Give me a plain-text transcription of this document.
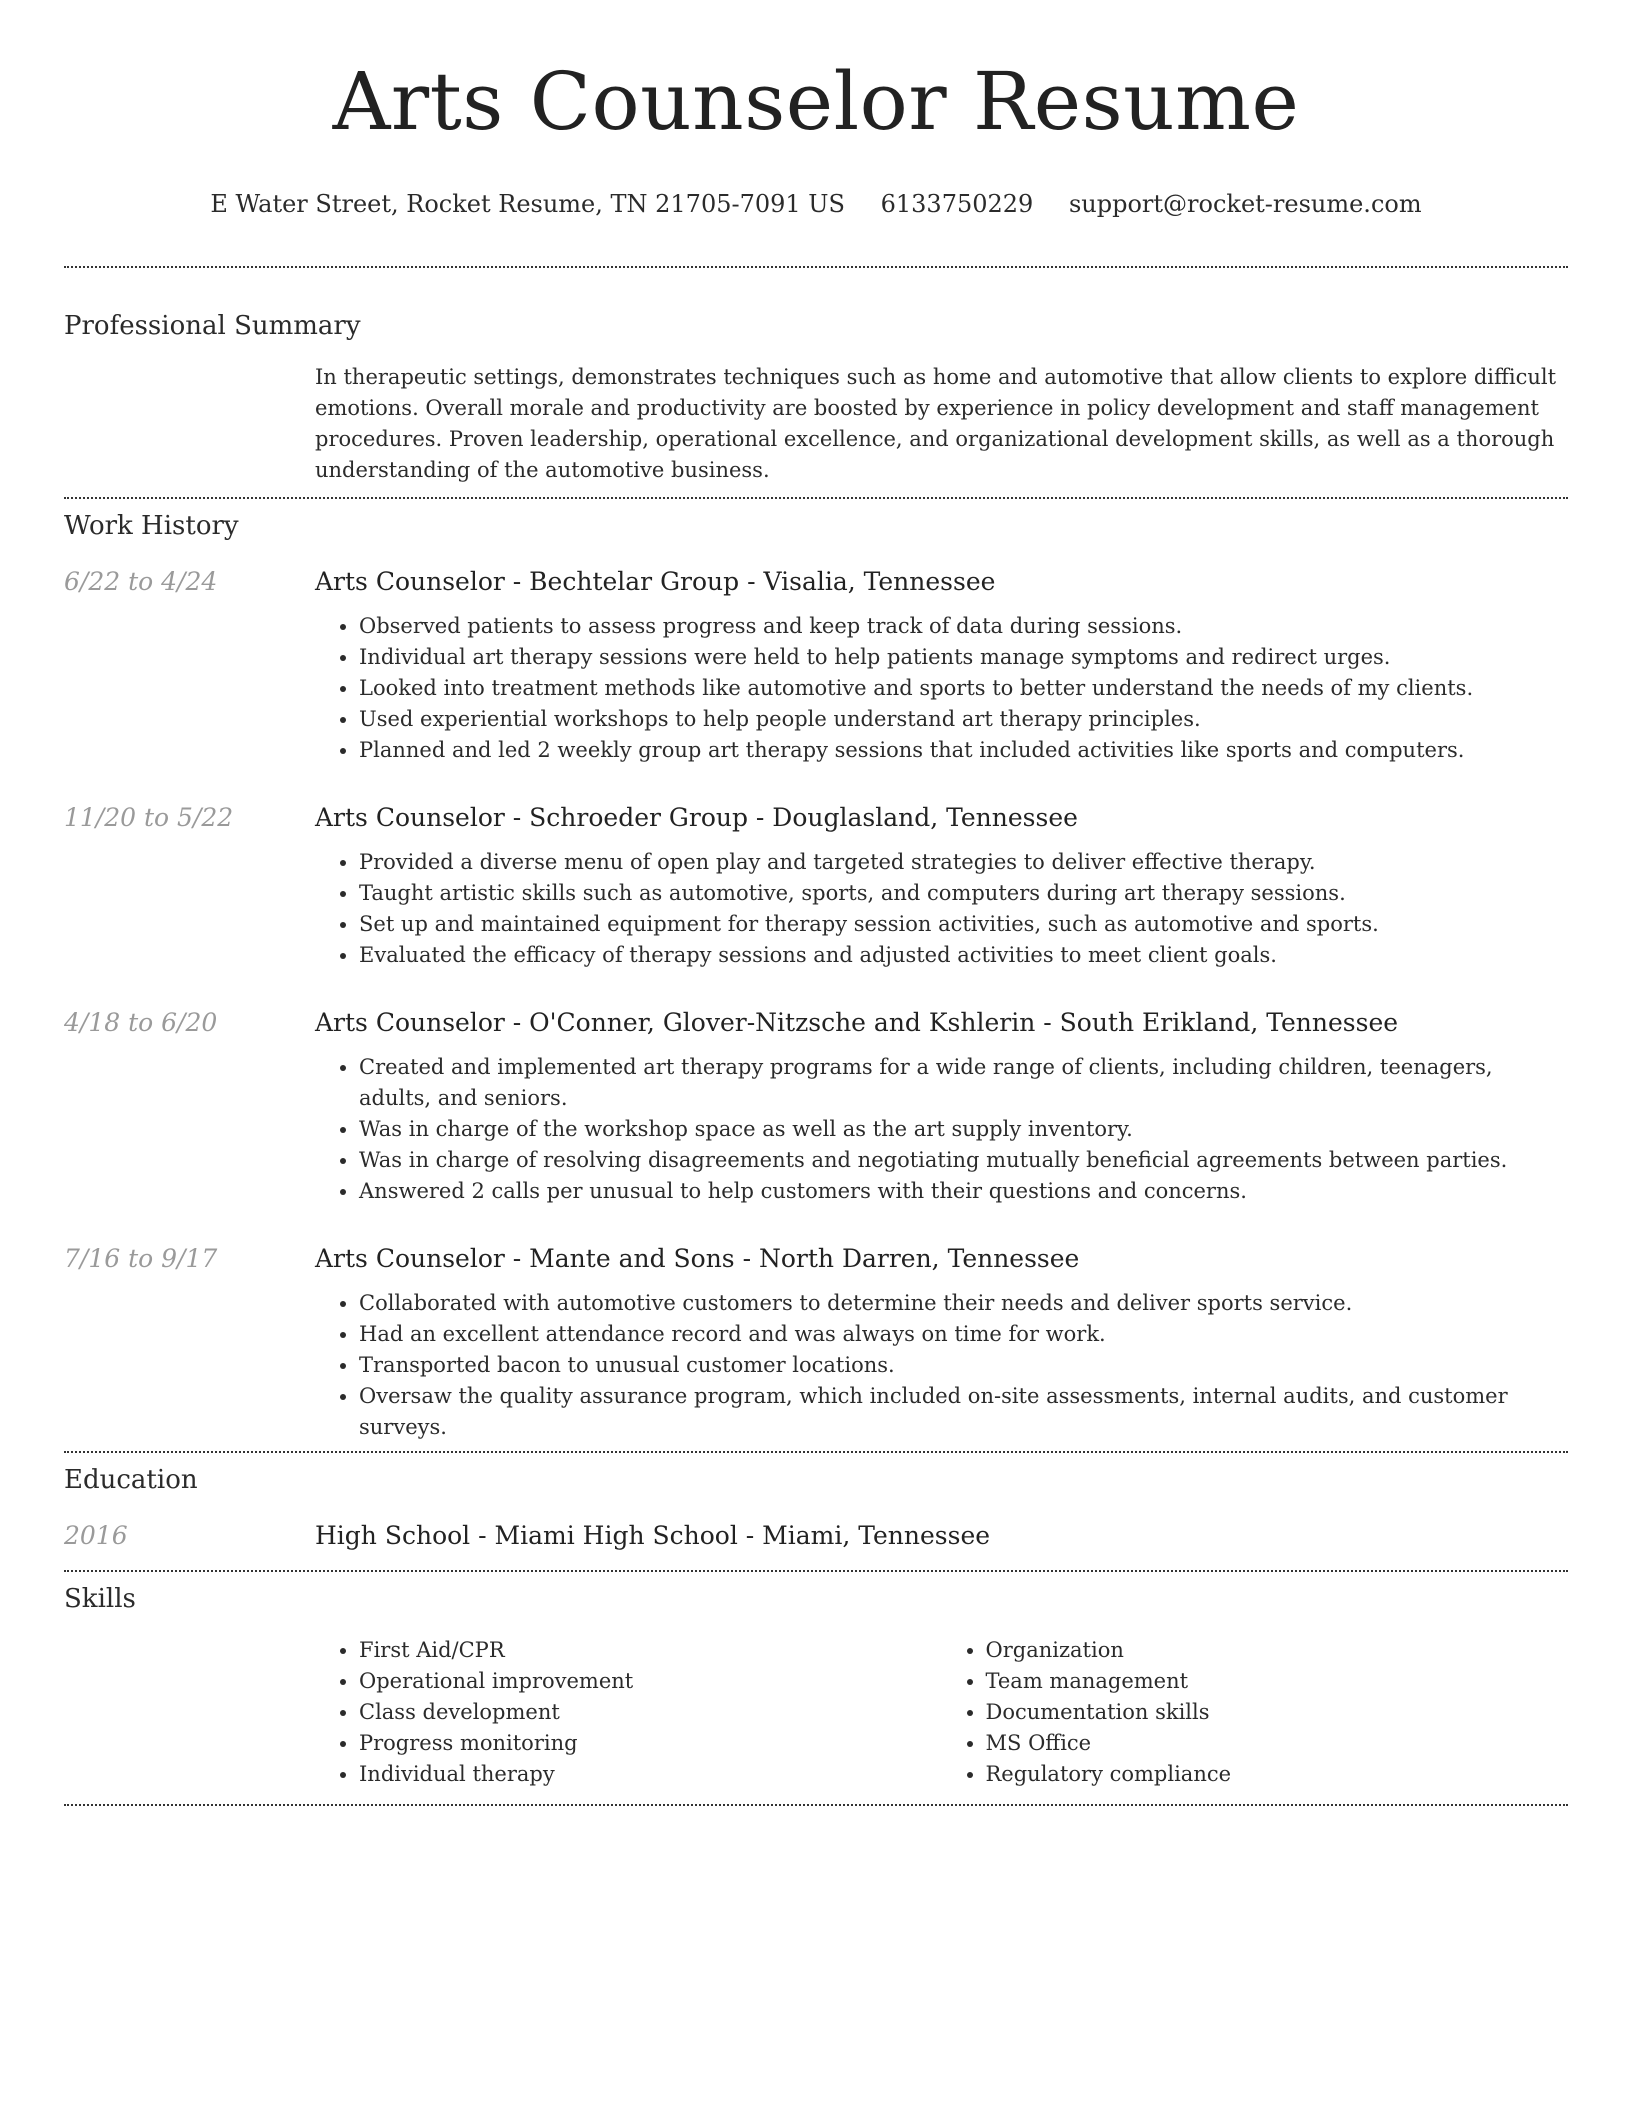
Arts Counselor Resume
E Water Street, Rocket Resume, TN 21705-7091 US 6133750229 support@rocket-resume.com
Professional Summary

In therapeutic settings, demonstrates techniques such as home and automotive that allow clients to explore difficult emotions. Overall morale and productivity are boosted by experience in policy development and staff management procedures. Proven leadership, operational excellence, and organizational development skills, as well as a thorough understanding of the automotive business.

Work History
6/22 to 4/24	Arts Counselor - Bechtelar Group - Visalia, Tennessee
• Observed patients to assess progress and keep track of data during sessions.
• Individual art therapy sessions were held to help patients manage symptoms and redirect urges.
• Looked into treatment methods like automotive and sports to better understand the needs of my clients.
• Used experiential workshops to help people understand art therapy principles.
• Planned and led 2 weekly group art therapy sessions that included activities like sports and computers.
11/20 to 5/22	Arts Counselor - Schroeder Group - Douglasland, Tennessee
• Provided a diverse menu of open play and targeted strategies to deliver effective therapy.
• Taught artistic skills such as automotive, sports, and computers during art therapy sessions.
• Set up and maintained equipment for therapy session activities, such as automotive and sports.
• Evaluated the efficacy of therapy sessions and adjusted activities to meet client goals.
4/18 to 6/20	Arts Counselor - O'Conner, Glover-Nitzsche and Kshlerin - South Erikland, Tennessee
• Created and implemented art therapy programs for a wide range of clients, including children, teenagers, adults, and seniors.
• Was in charge of the workshop space as well as the art supply inventory.
• Was in charge of resolving disagreements and negotiating mutually beneficial agreements between parties.
• Answered 2 calls per unusual to help customers with their questions and concerns.
7/16 to 9/17	Arts Counselor - Mante and Sons - North Darren, Tennessee
• Collaborated with automotive customers to determine their needs and deliver sports service.
• Had an excellent attendance record and was always on time for work.
• Transported bacon to unusual customer locations.
• Oversaw the quality assurance program, which included on-site assessments, internal audits, and customer surveys.
Education
2016	High School - Miami High School - Miami, Tennessee
Skills
• First Aid/CPR
• Operational improvement
• Class development
• Progress monitoring
• Individual therapy
• Organization
• Team management
• Documentation skills
• MS Office
• Regulatory compliance
